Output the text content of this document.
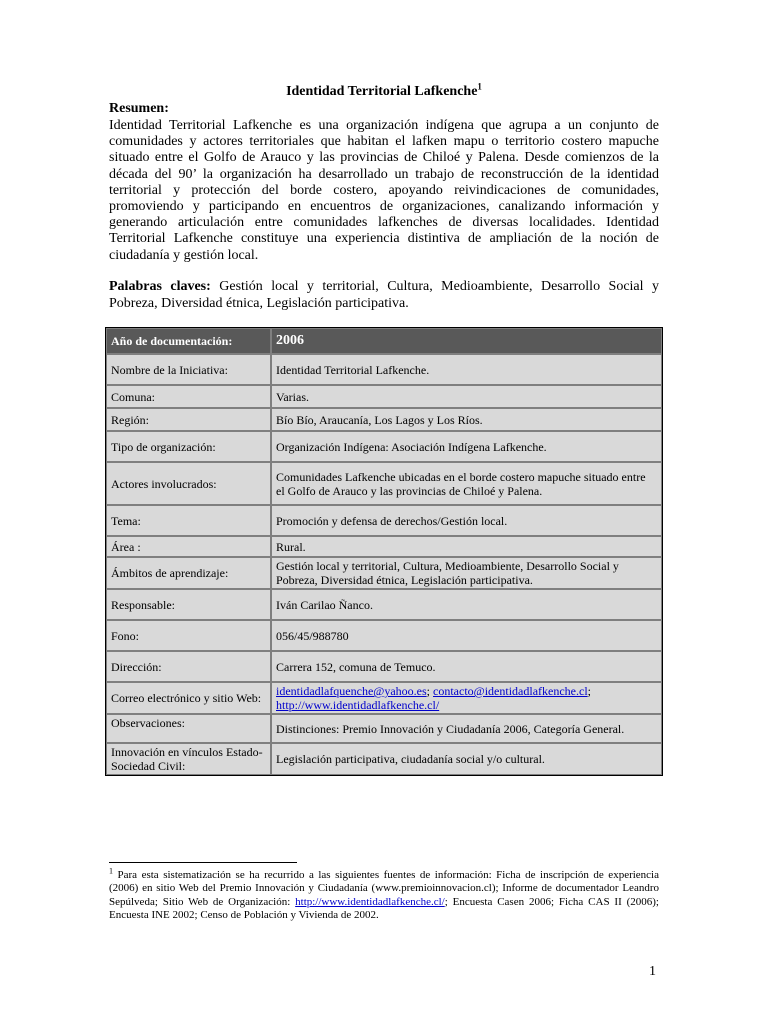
Identidad Territorial Lafkenche$^1$
Resumen:

Identidad Territorial Lafkenche es una organización indígena que agrupa a un conjunto de comunidades y actores territoriales que habitan el lafken mapu o territorio costero mapuche situado entre el Golfo de Arauco y las provincias de Chiloé y Palena. Desde comienzos de la década del 90’ la organización ha desarrollado un trabajo de reconstrucción de la identidad territorial y protección del borde costero, apoyando reivindicaciones de comunidades, promoviendo y participando en encuentros de organizaciones, canalizando información y generando articulación entre comunidades lafkenches de diversas localidades. Identidad Territorial Lafkenche constituye una experiencia distintiva de ampliación de la noción de ciudadanía y gestión local.

Palabras claves: Gestión local y territorial, Cultura, Medioambiente, Desarrollo Social y Pobreza, Diversidad étnica, Legislación participativa.

Año de documentación:	2006
Nombre de la Iniciativa:	Identidad Territorial Lafkenche.
Comuna:	Varias.
Región:	Bío Bío, Araucanía, Los Lagos y Los Ríos.
Tipo de organización:	Organización Indígena: Asociación Indígena Lafkenche.
Actores involucrados:	Comunidades Lafkenche ubicadas en el borde costero mapuche situado entre el Golfo de Arauco y las provincias de Chiloé y Palena.
Tema:	Promoción y defensa de derechos/Gestión local.
Área :	Rural.
Ámbitos de aprendizaje:	Gestión local y territorial, Cultura, Medioambiente, Desarrollo Social y Pobreza, Diversidad étnica, Legislación participativa.
Responsable:	Iván Carilao Ñanco.
Fono:	056/45/988780
Dirección:	Carrera 152, comuna de Temuco.
Correo electrónico y sitio Web:	identidadlafquenche@yahoo.es; contacto@identidadlafkenche.cl;
http://www.identidadlafkenche.cl/
Observaciones:	Distinciones: Premio Innovación y Ciudadanía 2006, Categoría General.
Innovación en vínculos Estado-Sociedad Civil:	Legislación participativa, ciudadanía social y/o cultural.

$^1$ Para esta sistematización se ha recurrido a las siguientes fuentes de información: Ficha de inscripción de experiencia (2006) en sitio Web del Premio Innovación y Ciudadanía (www.premioinnovacion.cl); Informe de documentador Leandro Sepúlveda; Sitio Web de Organización: http://www.identidadlafkenche.cl/; Encuesta Casen 2006; Ficha CAS II (2006); Encuesta INE 2002; Censo de Población y Vivienda de 2002.

1
